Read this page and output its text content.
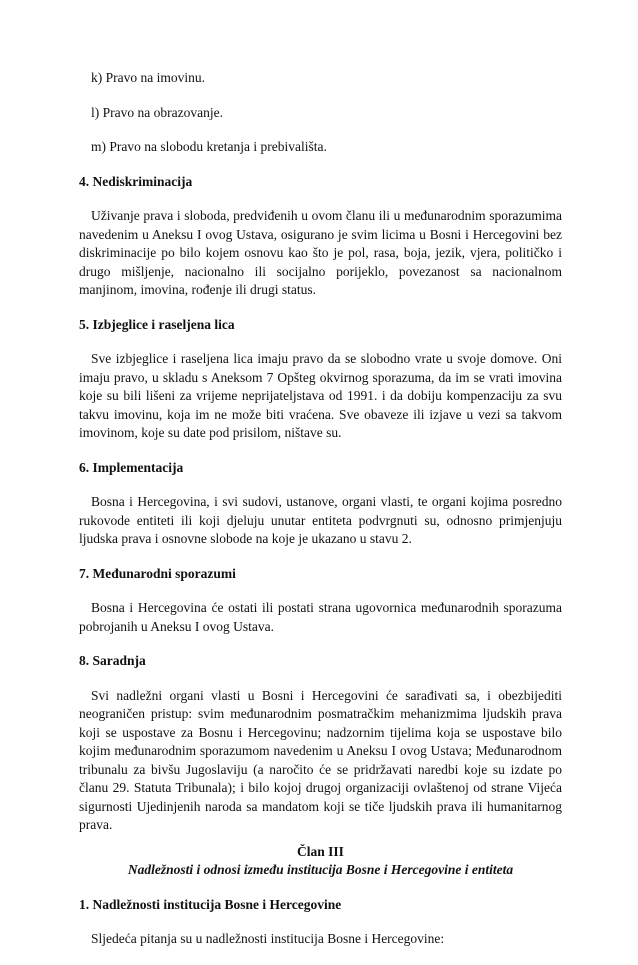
k) Pravo na imovinu.

l) Pravo na obrazovanje.

m) Pravo na slobodu kretanja i prebivališta.

4. Nediskriminacija

Uživanje prava i sloboda, predviđenih u ovom članu ili u međunarodnim sporazumima navedenim u Aneksu I ovog Ustava, osigurano je svim licima u Bosni i Hercegovini bez diskriminacije po bilo kojem osnovu kao što je pol, rasa, boja, jezik, vjera, političko i drugo mišljenje, nacionalno ili socijalno porijeklo, povezanost sa nacionalnom manjinom, imovina, rođenje ili drugi status.

5. Izbjeglice i raseljena lica

Sve izbjeglice i raseljena lica imaju pravo da se slobodno vrate u svoje domove. Oni imaju pravo, u skladu s Aneksom 7 Opšteg okvirnog sporazuma, da im se vrati imovina koje su bili lišeni za vrijeme neprijateljstava od 1991. i da dobiju kompenzaciju za svu takvu imovinu, koja im ne može biti vraćena. Sve obaveze ili izjave u vezi sa takvom imovinom, koje su date pod prisilom, ništave su.

6. Implementacija

Bosna i Hercegovina, i svi sudovi, ustanove, organi vlasti, te organi kojima posredno rukovode entiteti ili koji djeluju unutar entiteta podvrgnuti su, odnosno primjenjuju ljudska prava i osnovne slobode na koje je ukazano u stavu 2.

7. Međunarodni sporazumi

Bosna i Hercegovina će ostati ili postati strana ugovornica međunarodnih sporazuma pobrojanih u Aneksu I ovog Ustava.

8. Saradnja

Svi nadležni organi vlasti u Bosni i Hercegovini će sarađivati sa, i obezbijediti neograničen pristup: svim međunarodnim posmatračkim mehanizmima ljudskih prava koji se uspostave za Bosnu i Hercegovinu; nadzornim tijelima koja se uspostave bilo kojim međunarodnim sporazumom navedenim u Aneksu I ovog Ustava; Međunarodnom tribunalu za bivšu Jugoslaviju (a naročito će se pridržavati naredbi koje su izdate po članu 29. Statuta Tribunala); i bilo kojoj drugoj organizaciji ovlaštenoj od strane Vijeća sigurnosti Ujedinjenih naroda sa mandatom koji se tiče ljudskih prava ili humanitarnog prava.

Član III

Nadležnosti i odnosi između institucija Bosne i Hercegovine i entiteta

1. Nadležnosti institucija Bosne i Hercegovine

Sljedeća pitanja su u nadležnosti institucija Bosne i Hercegovine:
